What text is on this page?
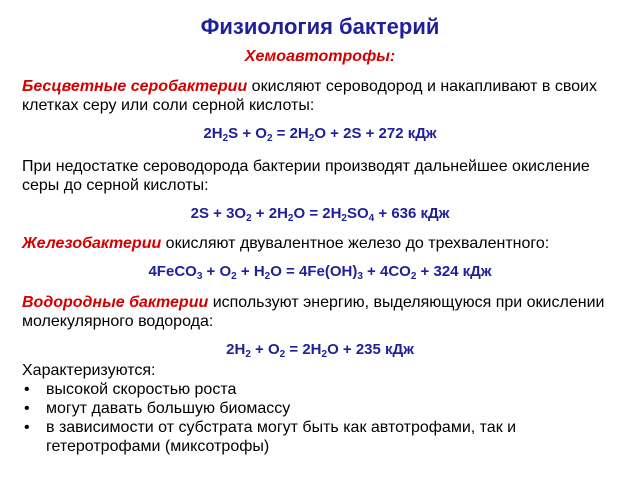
Физиология бактерий
Хемоавтотрофы:
Бесцветные серобактерии окисляют сероводород и накапливают в своих клетках серу или соли серной кислоты:
$2H_2S + O_2 = 2H_2O + 2S + 272$ кДж
При недостатке сероводорода бактерии производят дальнейшее окисление серы до серной кислоты:
$2S + 3O_2 + 2H_2O = 2H_2SO_4 + 636$ кДж
Железобактерии окисляют двувалентное железо до трехвалентного:
4FeCO$_3$ + $O_2 + H_2O = 4Fe(OH)_3 + 4CO_2 + 324$ кДж
Водородные бактерии используют энергию, выделяющуюся при окислении молекулярного водорода:
$2H_2 + O_2 = 2H_2O + 235$ кДж
Характеризуются:
• высокой скоростью роста
• могут давать большую биомассу
• в зависимости от субстрата могут быть как автотрофами, так и гетеротрофами (миксотрофы)
